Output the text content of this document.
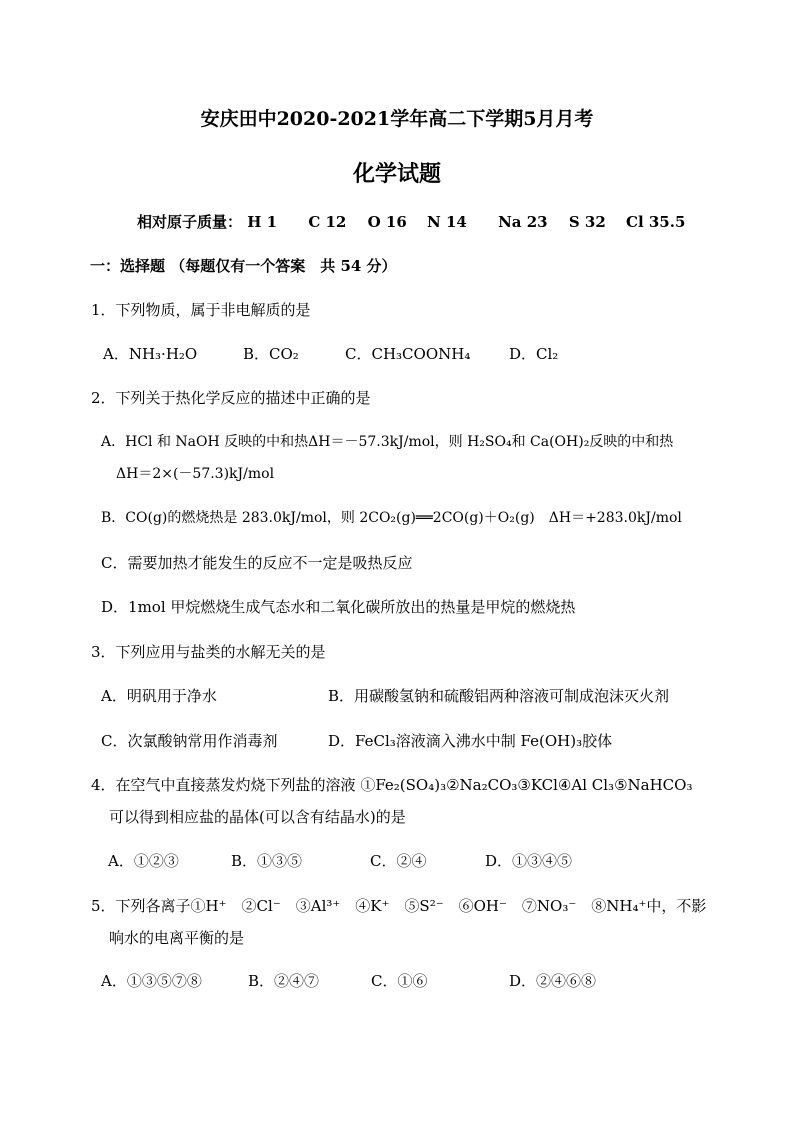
安庆田中2020-2021学年高二下学期5月月考
化学试题
相对原子质量： H 1 C 12 O 16 N 14 Na 23 S 32 Cl 35.5
一：选择题 （每题仅有一个答案　共 54 分）
1．下列物质，属于非电解质的是
A．NH₃·H₂O	B．CO₂	C．CH₃COONH₄	D．Cl₂
2．下列关于热化学反应的描述中正确的是
A．HCl 和 NaOH 反映的中和热ΔH＝－57.3kJ/mol，则 H₂SO₄和 Ca(OH)₂反映的中和热
ΔH＝2×(－57.3)kJ/mol
B．CO(g)的燃烧热是 283.0kJ/mol，则 2CO₂(g)══2CO(g)＋O₂(g)　ΔH＝+283.0kJ/mol
C．需要加热才能发生的反应不一定是吸热反应
D．1mol 甲烷燃烧生成气态水和二氧化碳所放出的热量是甲烷的燃烧热
3．下列应用与盐类的水解无关的是
A．明矾用于净水	B．用碳酸氢钠和硫酸铝两种溶液可制成泡沫灭火剂
C．次氯酸钠常用作消毒剂	D．FeCl₃溶液滴入沸水中制 Fe(OH)₃胶体
4．在空气中直接蒸发灼烧下列盐的溶液 ①Fe₂(SO₄)₃②Na₂CO₃③KCl④Al Cl₃⑤NaHCO₃
可以得到相应盐的晶体(可以含有结晶水)的是
A．①②③	B．①③⑤	C．②④	D．①③④⑤
5．下列各离子①H⁺　②Cl⁻　③Al³⁺　④K⁺　⑤S²⁻　⑥OH⁻　⑦NO₃⁻　⑧NH₄⁺中，不影
响水的电离平衡的是
A．①③⑤⑦⑧	B．②④⑦	C．①⑥	D．②④⑥⑧
